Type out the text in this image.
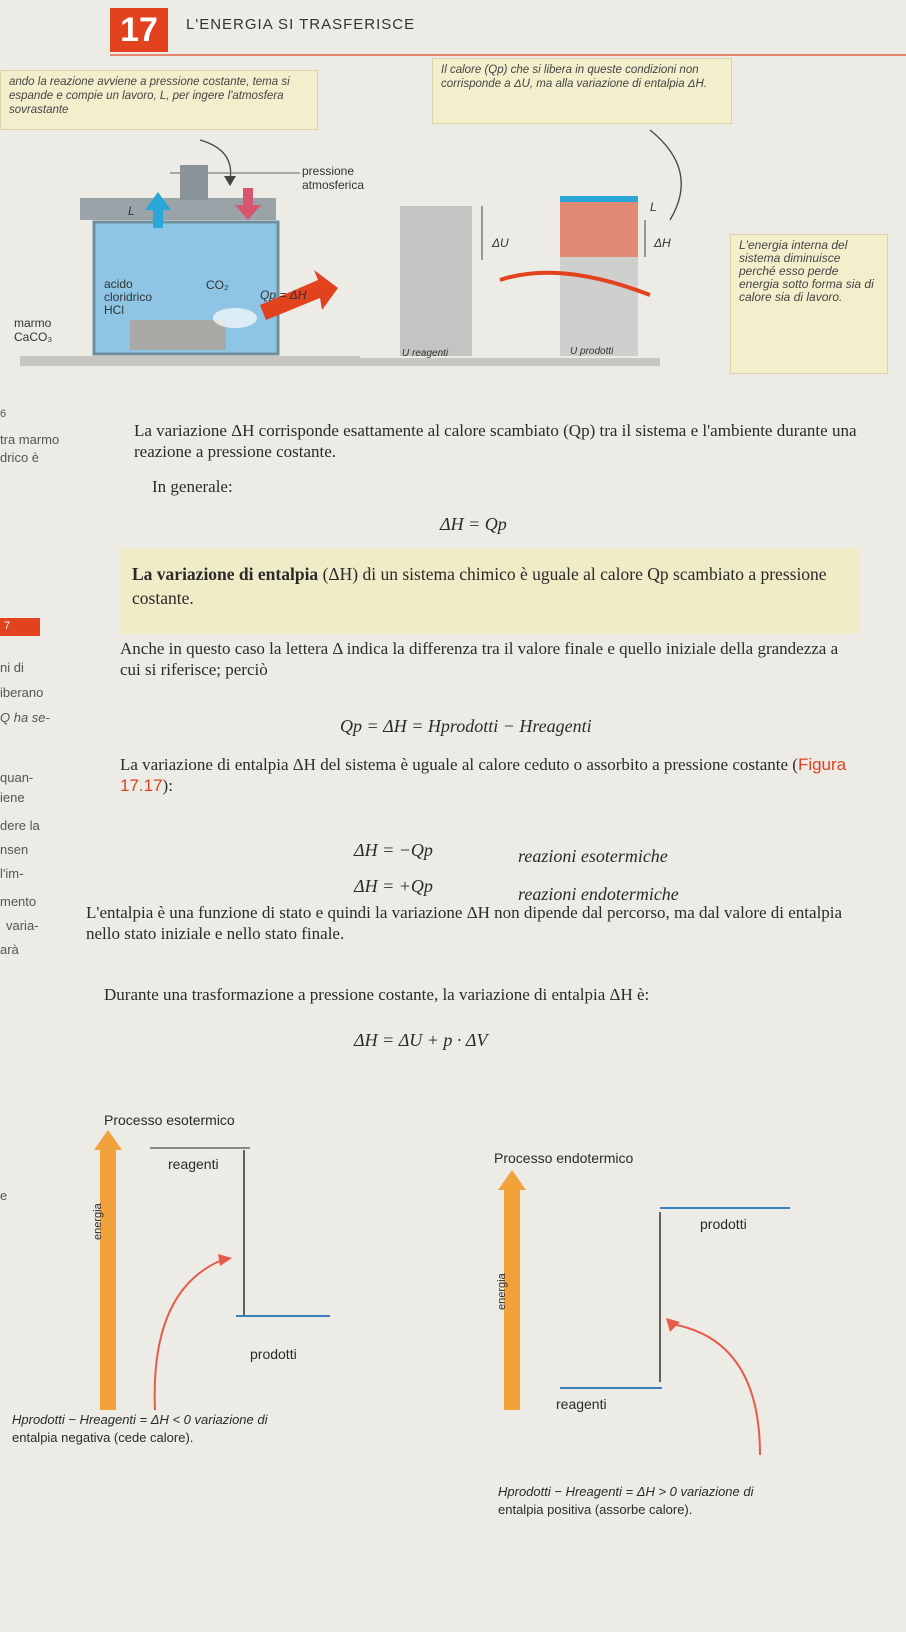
17	L'ENERGIA SI TRASFERISCE
ando la reazione avviene a pressione costante, tema si espande e compie un lavoro, L, per ingere l'atmosfera sovrastante
Il calore (Qp) che si libera in queste condizioni non corrisponde a ΔU, ma alla variazione di entalpia ΔH.
L'energia interna del sistema diminuisce perché esso perde energia sotto forma sia di calore sia di lavoro.
pressione atmosferica
acido cloridrico HCl
CO₂
Qp = ΔH
marmo CaCO₃
L	L
ΔU	ΔH
U reagenti	U prodotti
6
tra marmo
drico è
7
ni di
iberano
Q ha se-
quan-
iene
dere la
nsen
l'im-
mento
varia-
arà
e
La variazione ΔH corrisponde esattamente al calore scambiato (Qp) tra il sistema e l'ambiente durante una reazione a pressione costante.
In generale:
ΔH = Qp
La variazione di entalpia (ΔH) di un sistema chimico è uguale al calore Qp scambiato a pressione costante.
Anche in questo caso la lettera Δ indica la differenza tra il valore finale e quello iniziale della grandezza a cui si riferisce; perciò
Qp = ΔH = Hprodotti − Hreagenti
La variazione di entalpia ΔH del sistema è uguale al calore ceduto o assorbito a pressione costante (Figura 17.17):
ΔH = −Qp	reazioni esotermiche
ΔH = +Qp	reazioni endotermiche
L'entalpia è una funzione di stato e quindi la variazione ΔH non dipende dal percorso, ma dal valore di entalpia nello stato iniziale e nello stato finale.
Durante una trasformazione a pressione costante, la variazione di entalpia ΔH è:
ΔH = ΔU + p · ΔV
Processo esotermico
energia
reagenti
prodotti
Hprodotti − Hreagenti = ΔH < 0 variazione di
entalpia negativa (cede calore).
Processo endotermico
energia
prodotti
reagenti
Hprodotti − Hreagenti = ΔH > 0 variazione di
entalpia positiva (assorbe calore).
